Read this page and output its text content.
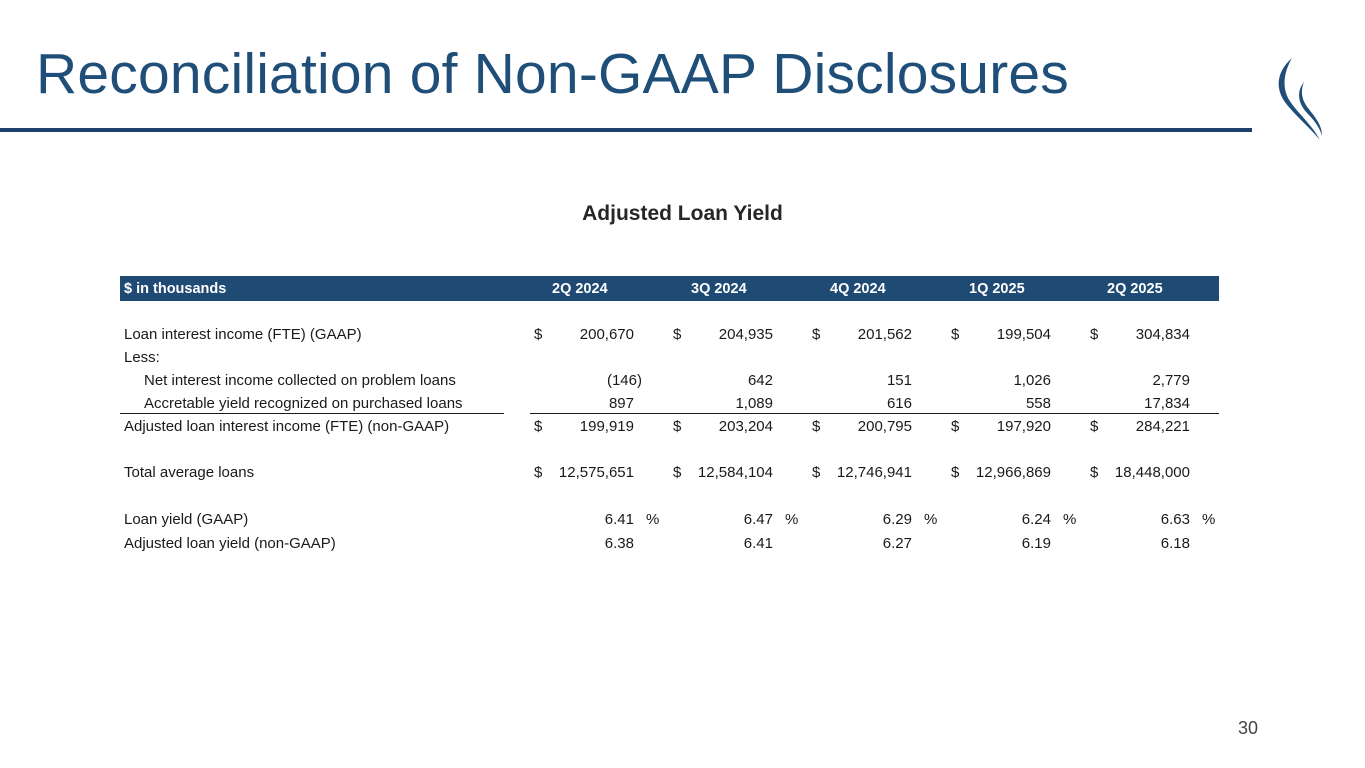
Reconciliation of Non-GAAP Disclosures
Adjusted Loan Yield
$ in thousands	2Q 2024	3Q 2024	4Q 2024	1Q 2025	2Q 2025
Loan interest income (FTE) (GAAP)	$ 200,670	$ 204,935	$ 201,562	$ 199,504	$ 304,834
Less:
Net interest income collected on problem loans	(146)	642	151	1,026	2,779
Accretable yield recognized on purchased loans	897	1,089	616	558	17,834
Adjusted loan interest income (FTE) (non-GAAP)	$ 199,919	$ 203,204	$ 200,795	$ 197,920	$ 284,221
Total average loans	$ 12,575,651	$ 12,584,104	$ 12,746,941	$ 12,966,869	$ 18,448,000
Loan yield (GAAP)	6.41 %	6.47 %	6.29 %	6.24 %	6.63 %
Adjusted loan yield (non-GAAP)	6.38	6.41	6.27	6.19	6.18
30
